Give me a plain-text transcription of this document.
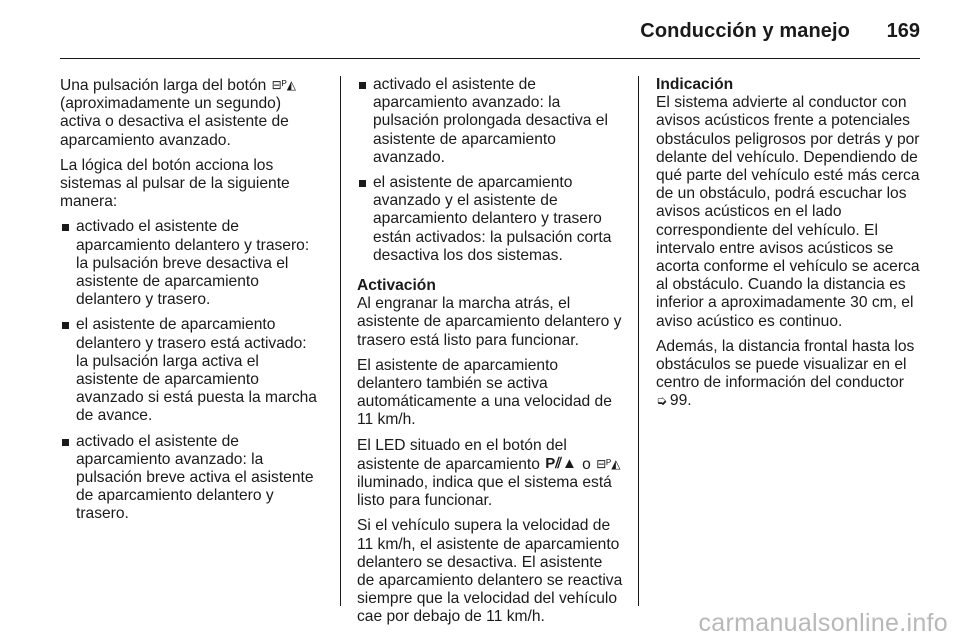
Conducción y manejo 169

Una pulsación larga del botón ⊟ᴾ◭
(aproximadamente un segundo) activa o desactiva el asistente de aparcamiento avanzado.

La lógica del botón acciona los sistemas al pulsar de la siguiente manera:

activado el asistente de aparcamiento delantero y trasero: la pulsación breve desactiva el asistente de aparcamiento delantero y trasero.
el asistente de aparcamiento delantero y trasero está activado: la pulsación larga activa el asistente de aparcamiento avanzado si está puesta la marcha de avance.
activado el asistente de aparcamiento avanzado: la pulsación breve activa el asistente de aparcamiento delantero y trasero.
activado el asistente de aparcamiento avanzado: la pulsación prolongada desactiva el asistente de aparcamiento avanzado.
el asistente de aparcamiento avanzado y el asistente de aparcamiento delantero y trasero están activados: la pulsación corta desactiva los dos sistemas.

Activación

Al engranar la marcha atrás, el asistente de aparcamiento delantero y trasero está listo para funcionar.

El asistente de aparcamiento delantero también se activa automáticamente a una velocidad de 11 km/h.

El LED situado en el botón del asistente de aparcamiento P⫽▲ o ⊟ᴾ◭ iluminado, indica que el sistema está listo para funcionar.

Si el vehículo supera la velocidad de 11 km/h, el asistente de aparcamiento delantero se desactiva. El asistente de aparcamiento delantero se reactiva siempre que la velocidad del vehículo cae por debajo de 11 km/h.

Indicación

El sistema advierte al conductor con avisos acústicos frente a potenciales obstáculos peligrosos por detrás y por delante del vehículo. Dependiendo de qué parte del vehículo esté más cerca de un obstáculo, podrá escuchar los avisos acústicos en el lado correspondiente del vehículo. El intervalo entre avisos acústicos se acorta conforme el vehículo se acerca al obstáculo. Cuando la distancia es inferior a aproximadamente 30 cm, el aviso acústico es continuo.

Además, la distancia frontal hasta los obstáculos se puede visualizar en el centro de información del conductor
➭ 99.

carmanualsonline.info
